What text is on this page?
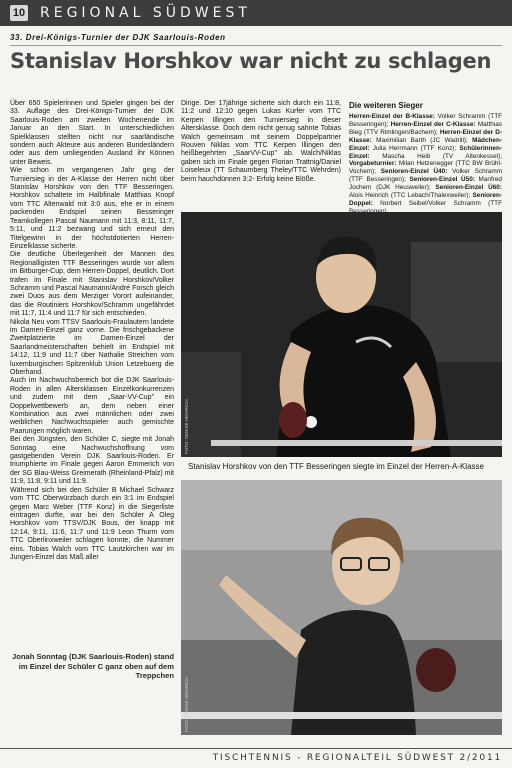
10 REGIONAL SÜDWEST
33. Drei-Königs-Turnier der DJK Saarlouis-Roden
Stanislav Horshkov war nicht zu schlagen

Über 650 Spielerinnen und Spieler gingen bei der 33. Auflage des Drei-Königs-Turnier der DJK Saarlouis-Roden am zweiten Wochenende im Januar an den Start. In unterschiedlichen Spielklassen stellten nicht nur saarländische sondern auch Akteure aus anderen Bundesländern oder aus dem umliegenden Ausland ihr Können unter Beweis.

Wie schon im vergangenen Jahr ging der Turniersieg in der A-Klasse der Herren nicht über Stanislav Horshkov von den TTF Besseringen. Horshkov schaltete im Halbfinale Matthias Knopf vom TTC Altenwald mit 3:0 aus, ehe er in einem packenden Endspiel seinen Besseringer Teamkollegen Pascal Naumann mit 11:3, 8:11, 11:7, 5:11, und 11:2 bezwang und sich erneut den Titelgewinn in der höchstdotierten Herren-Einzelklasse sicherte.

Die deutliche Überlegenheit der Mannen des Regionalligisten TTF Besseringen wurde vor allem im Bitburger-Cup, dem Herren-Doppel, deutlich. Dort trafen im Finale mit Stanislav Horshkov/Volker Schramm und Pascal Naumann/André Forsch gleich zwei Duos aus dem Merziger Vorort aufeinander, das die Routiniers Horshkov/Schramm ungefährdet mit 11:7, 11:4 und 11:7 für sich entschieden.

Nikola Neu vom TTSV Saarlouis-Fraulautern landete im Damen-Einzel ganz vorne. Die frischgebackene Zweitplatzierte im Damen-Einzel der Saarlandmeisterschaften behielt im Endspiel mit 14:12, 11:9 und 11:7 über Nathalie Streichen vom luxemburgischen Spitzenklub Union Letzebuerg die Oberhand.

Auch im Nachwuchsbereich bot die DJK Saarlouis-Roden in allen Altersklassen Einzelkonkurrenzen und zudem mit dem „Saar-VV-Cup" ein Doppelwettbewerb an, dem neben einer Kombination aus zwei männlichen oder zwei weiblichen Nachwuchsspieler auch gemischte Paarungen möglich waren.

Bei den Jüngsten, den Schüler C, siegte mit Jonah Sonntag eine Nachwuchshoffnung vom gastgebenden Verein DJK Saarlouis-Roden. Er triumphierte im Finale gegen Aaron Emmerich von der SG Blau-Weiss Greimerath (Rheinland-Pfalz) mit 11:9, 11:8, 9:11 und 11:9.

Während sich bei den Schüler B Michael Schwarz vom TTC Oberwürzbach durch ein 3:1 im Endspiel gegen Marc Weber (TTF Konz) in die Siegerliste eintragen durfte, war bei den Schüler A Oleg Horshkov vom TTSV/DJK Bous, der knapp mit 12:14, 9:11, 11:6, 11:7 und 11:9 Leon Thurm vom TTC Oberlinxweiler schlagen konnte, die Nummer eins. Tobias Walch vom TTC Lautzkirchen war im Jungen-Einzel das Maß aller

Dinge. Der 17jährige sicherte sich durch ein 11:8, 11:2 und 12:10 gegen Lukas Kurfer vom TTC Kerpen Illingen den Turniersieg in dieser Altersklasse. Doch dem nicht genug sahnte Tobias Walch gemeinsam mit seinem Doppelpartner Rouven Niklas vom TTC Kerpen Illingen den heißbegehrten „SaarVV-Cup" ab. Walch/Niklas gaben sich im Finale gegen Florian Trattnig/Daniel Loiseleux (TT Schaumberg Theley/TTC Wehrden) beim hauchdünnen 3:2- Erfolg keine Blöße.

Die weiteren Sieger
Herren-Einzel der B-Klasse: Volker Schramm (TTF Besseringen); Herren-Einzel der C-Klasse: Matthias Bieg (TTV Rimlingen/Bachem); Herren-Einzel der D-Klasse: Maximilian Barth (JC Wadrill); Mädchen-Einzel: Julia Herrmann (TTF Konz); Schülerinnen-Einzel: Mascha Heib (TV Altenkessel); Vorgabeturnier: Milan Hetzenegger (TTC BW Brühl-Vochem); Senioren-Einzel Ü40: Volker Schramm (TTF Besseringen); Senioren-Einzel Ü50: Manfred Jochem (DJK Heusweiler); Senioren-Einzel Ü60: Alois Heinrich (TTC Lebach/Thalexweiler); Senioren-Doppel: Norbert Seibel/Volker Schramm (TTF
FOTO: DENISE HEINRICH
Stanislav Horshkov von den TTF Besseringen siegte im Einzel der Herren-A-Klasse
FOTO: DENISE HEINRICH
Jonah Sonntag (DJK Saarlouis-Roden) stand im Einzel der Schüler C ganz oben auf dem Treppchen
TISCHTENNIS - REGIONALTEIL SÜDWEST 2/2011
